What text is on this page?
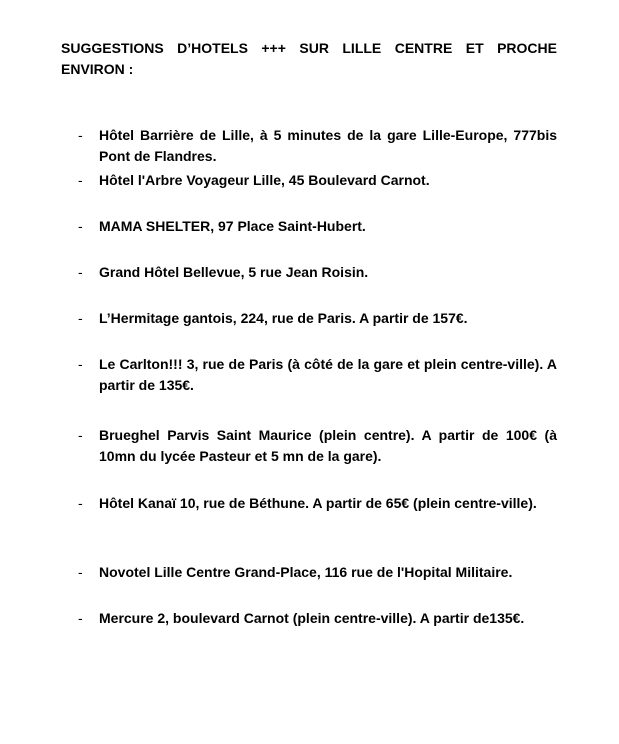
SUGGESTIONS D’HOTELS +++ SUR LILLE CENTRE ET PROCHE ENVIRON :

- Hôtel Barrière de Lille, à 5 minutes de la gare Lille-Europe, 777bis Pont de Flandres.
- Hôtel l'Arbre Voyageur Lille, 45 Boulevard Carnot.
- MAMA SHELTER, 97 Place Saint-Hubert.
- Grand Hôtel Bellevue, 5 rue Jean Roisin.
- L’Hermitage gantois, 224, rue de Paris. A partir de 157€.
- Le Carlton!!! 3, rue de Paris (à côté de la gare et plein centre-ville). A partir de 135€.
- Brueghel Parvis Saint Maurice (plein centre). A partir de 100€ (à 10mn du lycée Pasteur et 5 mn de la gare).
- Hôtel Kanaï 10, rue de Béthune. A partir de 65€ (plein centre-ville).
- Novotel Lille Centre Grand-Place, 116 rue de l'Hopital Militaire.
- Mercure 2, boulevard Carnot (plein centre-ville). A partir de135€.
